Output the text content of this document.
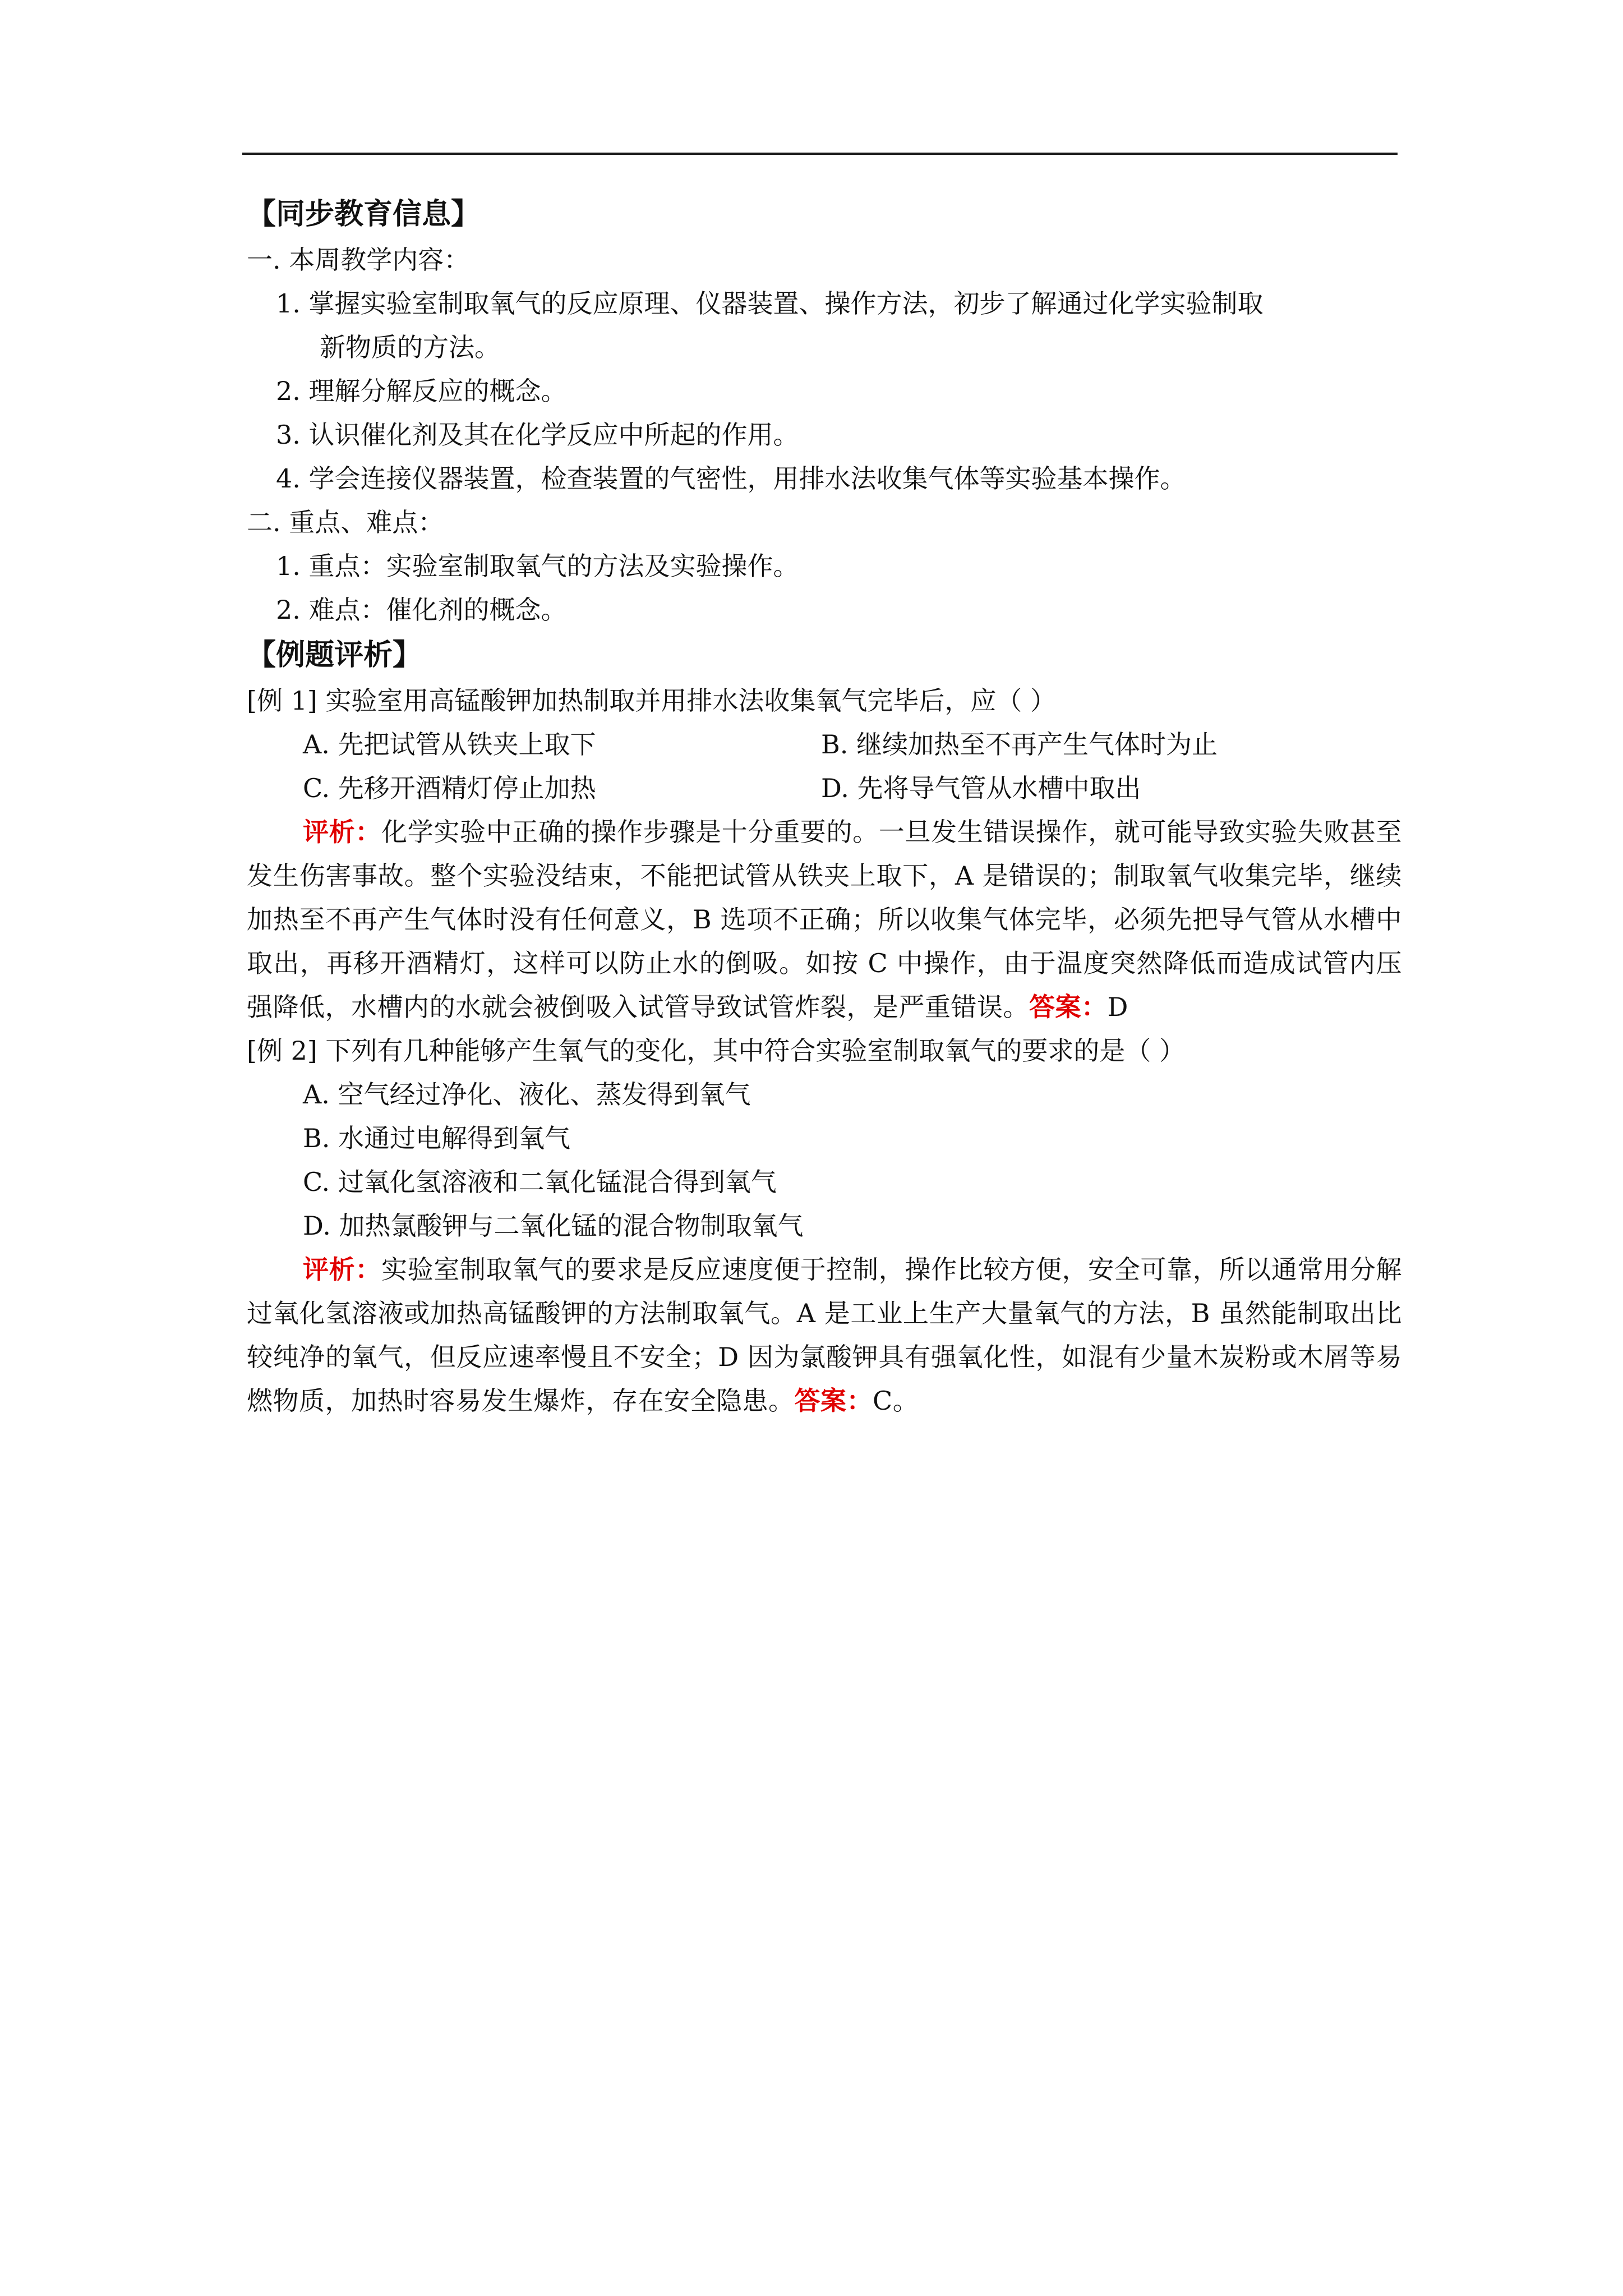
【同步教育信息】
一. 本周教学内容：
1. 掌握实验室制取氧气的反应原理、仪器装置、操作方法，初步了解通过化学实验制取
新物质的方法。
2. 理解分解反应的概念。
3. 认识催化剂及其在化学反应中所起的作用。
4. 学会连接仪器装置，检查装置的气密性，用排水法收集气体等实验基本操作。
二. 重点、难点：
1. 重点：实验室制取氧气的方法及实验操作。
2. 难点：催化剂的概念。
【例题评析】
[例 1] 实验室用高锰酸钾加热制取并用排水法收集氧气完毕后，应（ ）
A. 先把试管从铁夹上取下	B. 继续加热至不再产生气体时为止
C. 先移开酒精灯停止加热	D. 先将导气管从水槽中取出
评析：化学实验中正确的操作步骤是十分重要的。一旦发生错误操作，就可能导致实验失败甚至发生伤害事故。整个实验没结束，不能把试管从铁夹上取下，A 是错误的；制取氧气收集完毕，继续加热至不再产生气体时没有任何意义，B 选项不正确；所以收集气体完毕，必须先把导气管从水槽中取出，再移开酒精灯，这样可以防止水的倒吸。如按 C 中操作，由于温度突然降低而造成试管内压强降低，水槽内的水就会被倒吸入试管导致试管炸裂，是严重错误。答案：D
[例 2] 下列有几种能够产生氧气的变化，其中符合实验室制取氧气的要求的是（ ）
A. 空气经过净化、液化、蒸发得到氧气
B. 水通过电解得到氧气
C. 过氧化氢溶液和二氧化锰混合得到氧气
D. 加热氯酸钾与二氧化锰的混合物制取氧气
评析：实验室制取氧气的要求是反应速度便于控制，操作比较方便，安全可靠，所以通常用分解过氧化氢溶液或加热高锰酸钾的方法制取氧气。A 是工业上生产大量氧气的方法，B 虽然能制取出比较纯净的氧气，但反应速率慢且不安全；D 因为氯酸钾具有强氧化性，如混有少量木炭粉或木屑等易燃物质，加热时容易发生爆炸，存在安全隐患。答案：C。
